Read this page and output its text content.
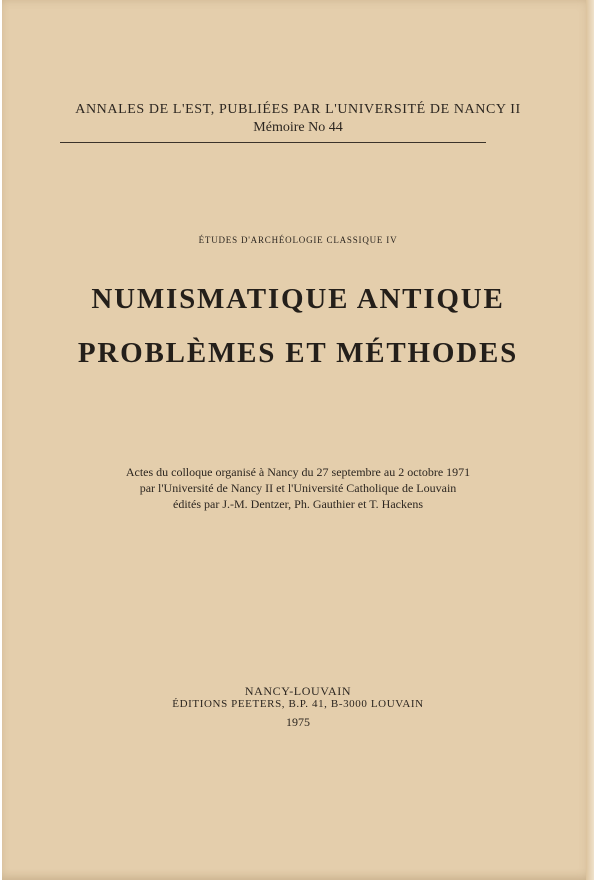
ANNALES DE L'EST, PUBLIÉES PAR L'UNIVERSITÉ DE NANCY II
Mémoire No 44
ÉTUDES D'ARCHÉOLOGIE CLASSIQUE IV
NUMISMATIQUE ANTIQUE
PROBLÈMES ET MÉTHODES
Actes du colloque organisé à Nancy du 27 septembre au 2 octobre 1971
par l'Université de Nancy II et l'Université Catholique de Louvain
édités par J.-M. Dentzer, Ph. Gauthier et T. Hackens
NANCY-LOUVAIN
ÉDITIONS PEETERS, B.P. 41, B-3000 LOUVAIN
1975
